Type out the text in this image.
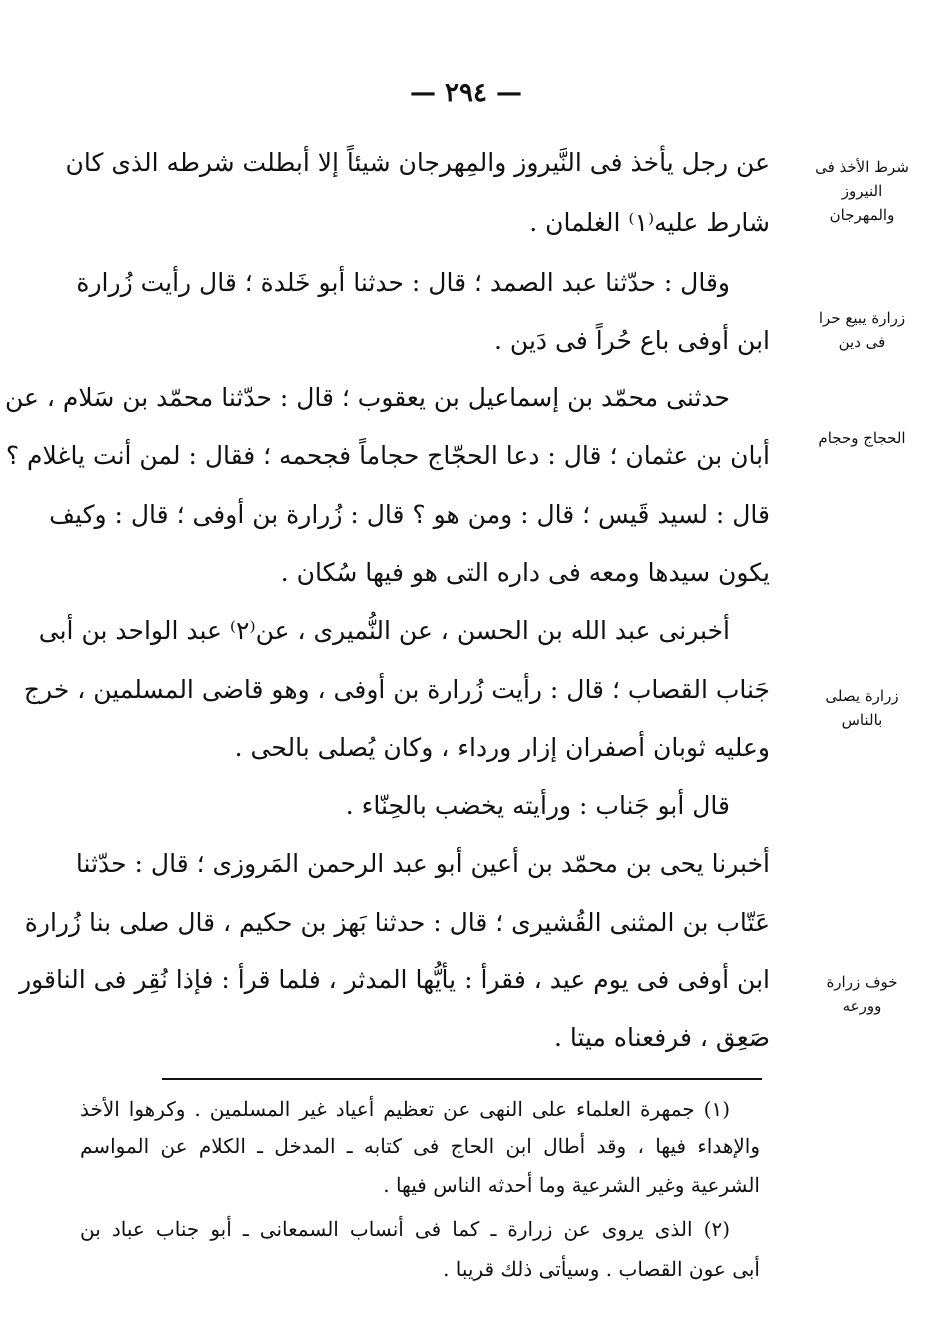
— ٢٩٤ —
شرط الأخذ فى النيروز والمهرجان
زرارة يبيع حرا فى دين
الحجاج وحجام
زرارة يصلى بالناس
خوف زرارة وورعه
عن رجل يأخذ فى النَّيروز والمِهرجان شيئاً إلا أبطلت شرطه الذى كان
شارط عليه⁽١⁾ الغلمان .
وقال : حدّثنا عبد الصمد ؛ قال : حدثنا أبو خَلدة ؛ قال رأيت زُرارة
ابن أوفى باع حُراً فى دَين .
حدثنى محمّد بن إسماعيل بن يعقوب ؛ قال : حدّثنا محمّد بن سَلام ، عن
أبان بن عثمان ؛ قال : دعا الحجّاج حجاماً فجحمه ؛ فقال : لمن أنت ياغلام ؟
قال : لسيد قَيس ؛ قال : ومن هو ؟ قال : زُرارة بن أوفى ؛ قال : وكيف
يكون سيدها ومعه فى داره التى هو فيها سُكان .
أخبرنى عبد الله بن الحسن ، عن النُّميرى ، عن⁽٢⁾ عبد الواحد بن أبى
جَناب القصاب ؛ قال : رأيت زُرارة بن أوفى ، وهو قاضى المسلمين ، خرج
وعليه ثوبان أصفران إزار ورداء ، وكان يُصلى بالحى .
قال أبو جَناب : ورأيته يخضب بالحِنّاء .
أخبرنا يحى بن محمّد بن أعين أبو عبد الرحمن المَروزى ؛ قال : حدّثنا
عَتّاب بن المثنى القُشيرى ؛ قال : حدثنا بَهز بن حكيم ، قال صلى بنا زُرارة
ابن أوفى فى يوم عيد ، فقرأ : يأيُّها المدثر ، فلما قرأ : فإذا نُقِر فى الناقور
صَعِق ، فرفعناه ميتا .
(١) جمهرة العلماء على النهى عن تعظيم أعياد غير المسلمين . وكرهوا الأخذ
والإهداء فيها ، وقد أطال ابن الحاج فى كتابه ـ المدخل ـ الكلام عن المواسم
الشرعية وغير الشرعية وما أحدثه الناس فيها .
(٢) الذى يروى عن زرارة ـ كما فى أنساب السمعانى ـ أبو جناب عباد بن
أبى عون القصاب . وسيأتى ذلك قريبا .
